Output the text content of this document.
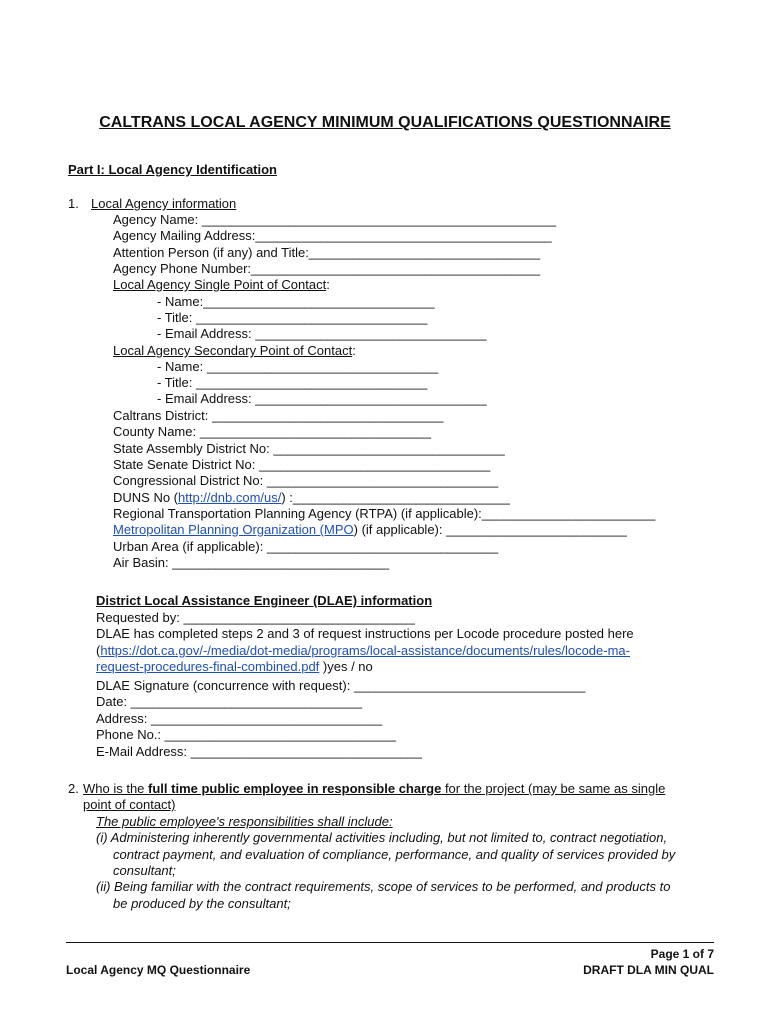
CALTRANS LOCAL AGENCY MINIMUM QUALIFICATIONS QUESTIONNAIRE
Part I: Local Agency Identification
1. Local Agency information
Agency Name: _________________________________________________
Agency Mailing Address:_________________________________________
Attention Person (if any) and Title:________________________________
Agency Phone Number:________________________________________
Local Agency Single Point of Contact:
- Name:________________________________
- Title: ________________________________
- Email Address: ________________________________
Local Agency Secondary Point of Contact:
- Name: ________________________________
- Title: ________________________________
- Email Address: ________________________________
Caltrans District: ________________________________
County Name: ________________________________
State Assembly District No: ________________________________
State Senate District No: ________________________________
Congressional District No: ________________________________
DUNS No (http://dnb.com/us/) :______________________________
Regional Transportation Planning Agency (RTPA) (if applicable):________________________
Metropolitan Planning Organization (MPO) (if applicable): _________________________
Urban Area (if applicable): ________________________________
Air Basin: ______________________________
District Local Assistance Engineer (DLAE) information
Requested by: ________________________________
DLAE has completed steps 2 and 3 of request instructions per Locode procedure posted here
(https://dot.ca.gov/-/media/dot-media/programs/local-assistance/documents/rules/locode-ma-
request-procedures-final-combined.pdf )yes / no
DLAE Signature (concurrence with request): ________________________________
Date: ________________________________
Address: ________________________________
Phone No.: ________________________________
E-Mail Address: ________________________________
2. Who is the full time public employee in responsible charge for the project (may be same as single
point of contact)
The public employee's responsibilities shall include:
(i) Administering inherently governmental activities including, but not limited to, contract negotiation,
contract payment, and evaluation of compliance, performance, and quality of services provided by
consultant;
(ii) Being familiar with the contract requirements, scope of services to be performed, and products to
be produced by the consultant;
Local Agency MQ Questionnaire
Page 1 of 7
DRAFT DLA MIN QUAL
